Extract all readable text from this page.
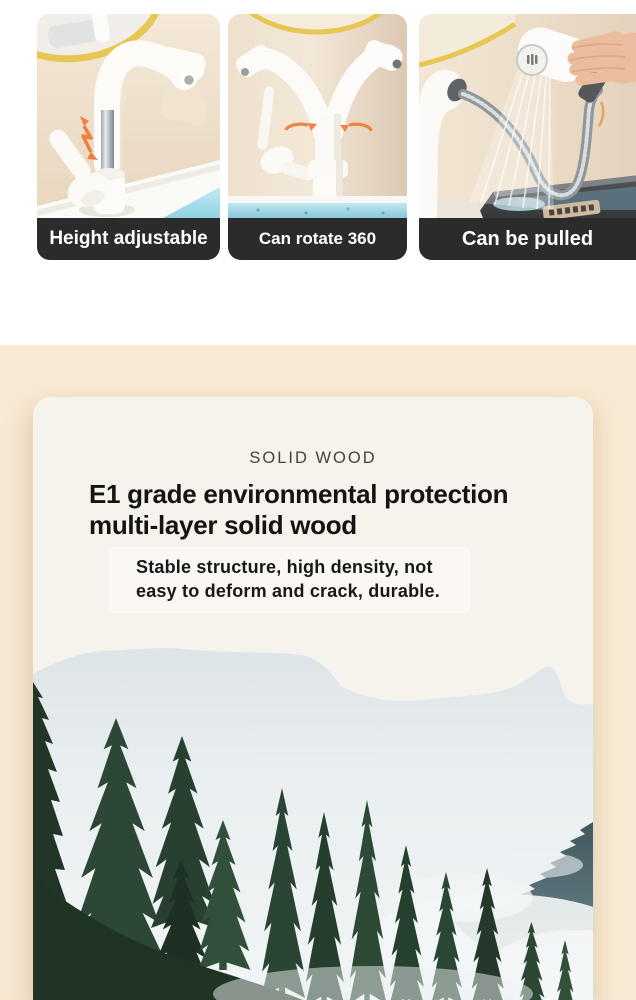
Height adjustable	Can rotate 360	Can be pulled
SOLID WOOD
E1 grade environmental protection
multi-layer solid wood
Stable structure, high density, not
easy to deform and crack, durable.
